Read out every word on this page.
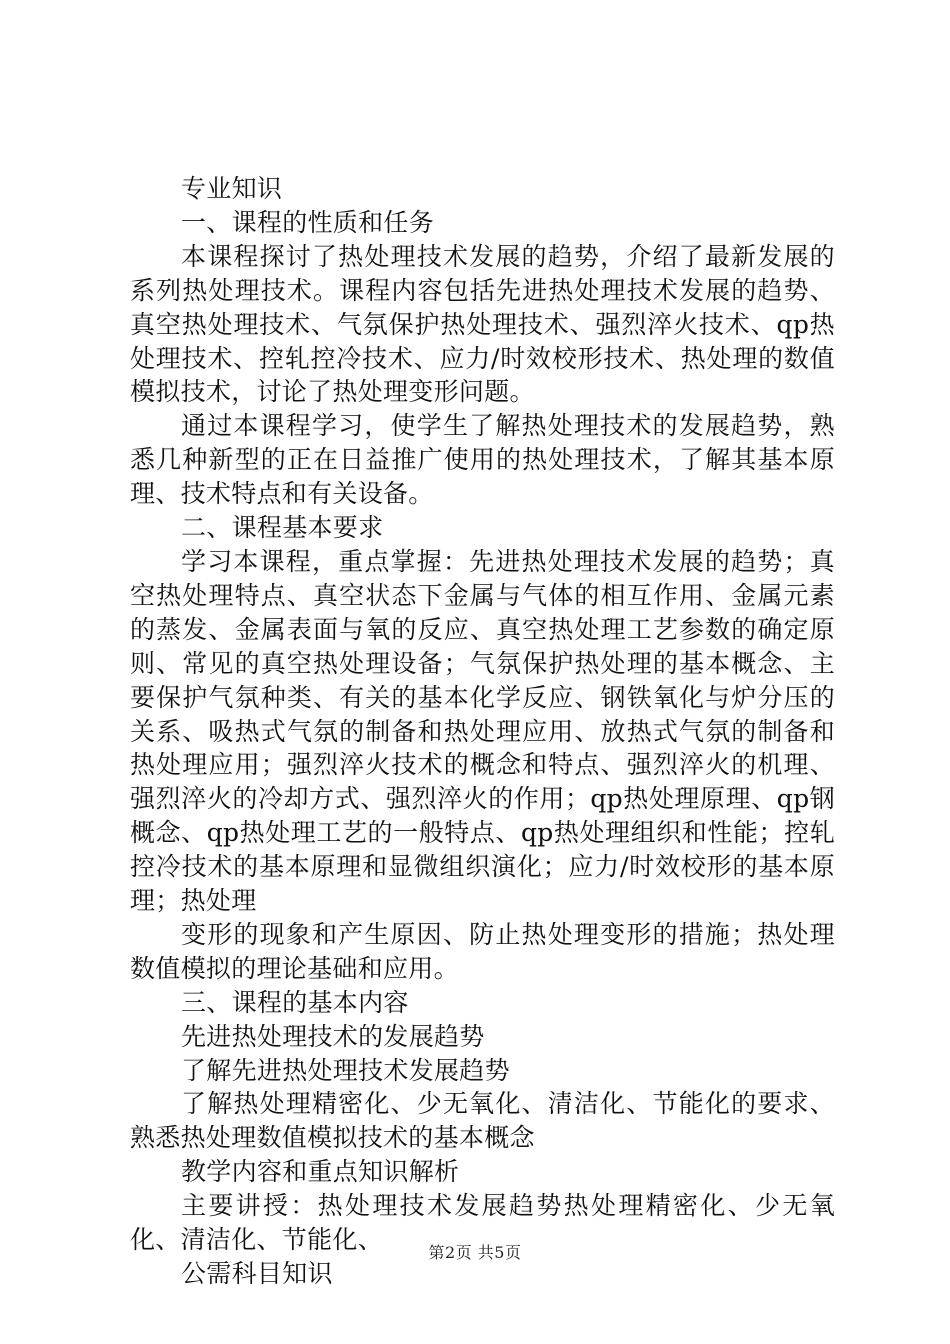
专业知识

一、课程的性质和任务

本课程探讨了热处理技术发展的趋势，介绍了最新发展的系列热处理技术。课程内容包括先进热处理技术发展的趋势、真空热处理技术、气氛保护热处理技术、强烈淬火技术、qp热处理技术、控轧控冷技术、应力/时效校形技术、热处理的数值模拟技术，讨论了热处理变形问题。

通过本课程学习，使学生了解热处理技术的发展趋势，熟悉几种新型的正在日益推广使用的热处理技术，了解其基本原理、技术特点和有关设备。

二、课程基本要求

学习本课程，重点掌握：先进热处理技术发展的趋势；真空热处理特点、真空状态下金属与气体的相互作用、金属元素的蒸发、金属表面与氧的反应、真空热处理工艺参数的确定原则、常见的真空热处理设备；气氛保护热处理的基本概念、主要保护气氛种类、有关的基本化学反应、钢铁氧化与炉分压的关系、吸热式气氛的制备和热处理应用、放热式气氛的制备和热处理应用；强烈淬火技术的概念和特点、强烈淬火的机理、强烈淬火的冷却方式、强烈淬火的作用；qp热处理原理、qp钢概念、qp热处理工艺的一般特点、qp热处理组织和性能；控轧控冷技术的基本原理和显微组织演化；应力/时效校形的基本原理；热处理

变形的现象和产生原因、防止热处理变形的措施；热处理数值模拟的理论基础和应用。

三、课程的基本内容

先进热处理技术的发展趋势

了解先进热处理技术发展趋势

了解热处理精密化、少无氧化、清洁化、节能化的要求、熟悉热处理数值模拟技术的基本概念

教学内容和重点知识解析

主要讲授：热处理技术发展趋势热处理精密化、少无氧化、清洁化、节能化、

公需科目知识

第2页 共5页
